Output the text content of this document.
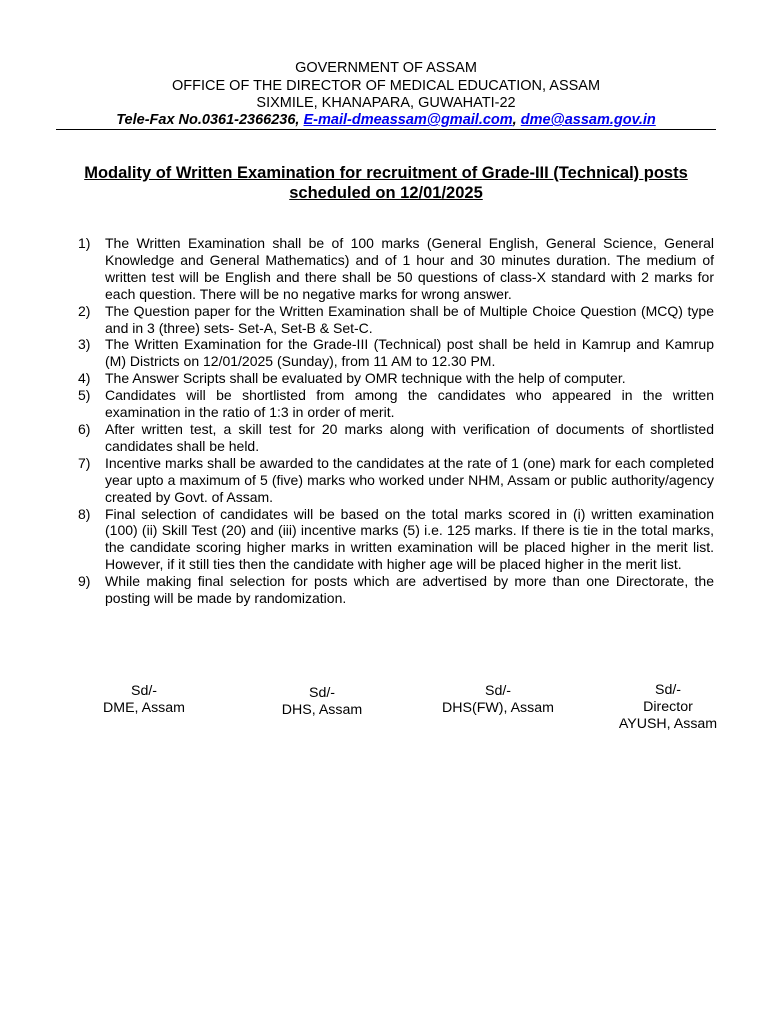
GOVERNMENT OF ASSAM
OFFICE OF THE DIRECTOR OF MEDICAL EDUCATION, ASSAM
SIXMILE, KHANAPARA, GUWAHATI-22
Tele-Fax No.0361-2366236, E-mail-dmeassam@gmail.com, dme@assam.gov.in
Modality of Written Examination for recruitment of Grade-III (Technical) posts
scheduled on 12/01/2025
1) The Written Examination shall be of 100 marks (General English, General Science, General Knowledge and General Mathematics) and of 1 hour and 30 minutes duration. The medium of written test will be English and there shall be 50 questions of class-X standard with 2 marks for each question. There will be no negative marks for wrong answer.
2) The Question paper for the Written Examination shall be of Multiple Choice Question (MCQ) type and in 3 (three) sets- Set-A, Set-B & Set-C.
3) The Written Examination for the Grade-III (Technical) post shall be held in Kamrup and Kamrup (M) Districts on 12/01/2025 (Sunday), from 11 AM to 12.30 PM.
4) The Answer Scripts shall be evaluated by OMR technique with the help of computer.
5) Candidates will be shortlisted from among the candidates who appeared in the written examination in the ratio of 1:3 in order of merit.
6) After written test, a skill test for 20 marks along with verification of documents of shortlisted candidates shall be held.
7) Incentive marks shall be awarded to the candidates at the rate of 1 (one) mark for each completed year upto a maximum of 5 (five) marks who worked under NHM, Assam or public authority/agency created by Govt. of Assam.
8) Final selection of candidates will be based on the total marks scored in (i) written examination (100) (ii) Skill Test (20) and (iii) incentive marks (5) i.e. 125 marks. If there is tie in the total marks, the candidate scoring higher marks in written examination will be placed higher in the merit list. However, if it still ties then the candidate with higher age will be placed higher in the merit list.
9) While making final selection for posts which are advertised by more than one Directorate, the posting will be made by randomization.
Sd/-
DME, Assam
Sd/-
DHS, Assam
Sd/-
DHS(FW), Assam
Sd/-
Director
AYUSH, Assam
